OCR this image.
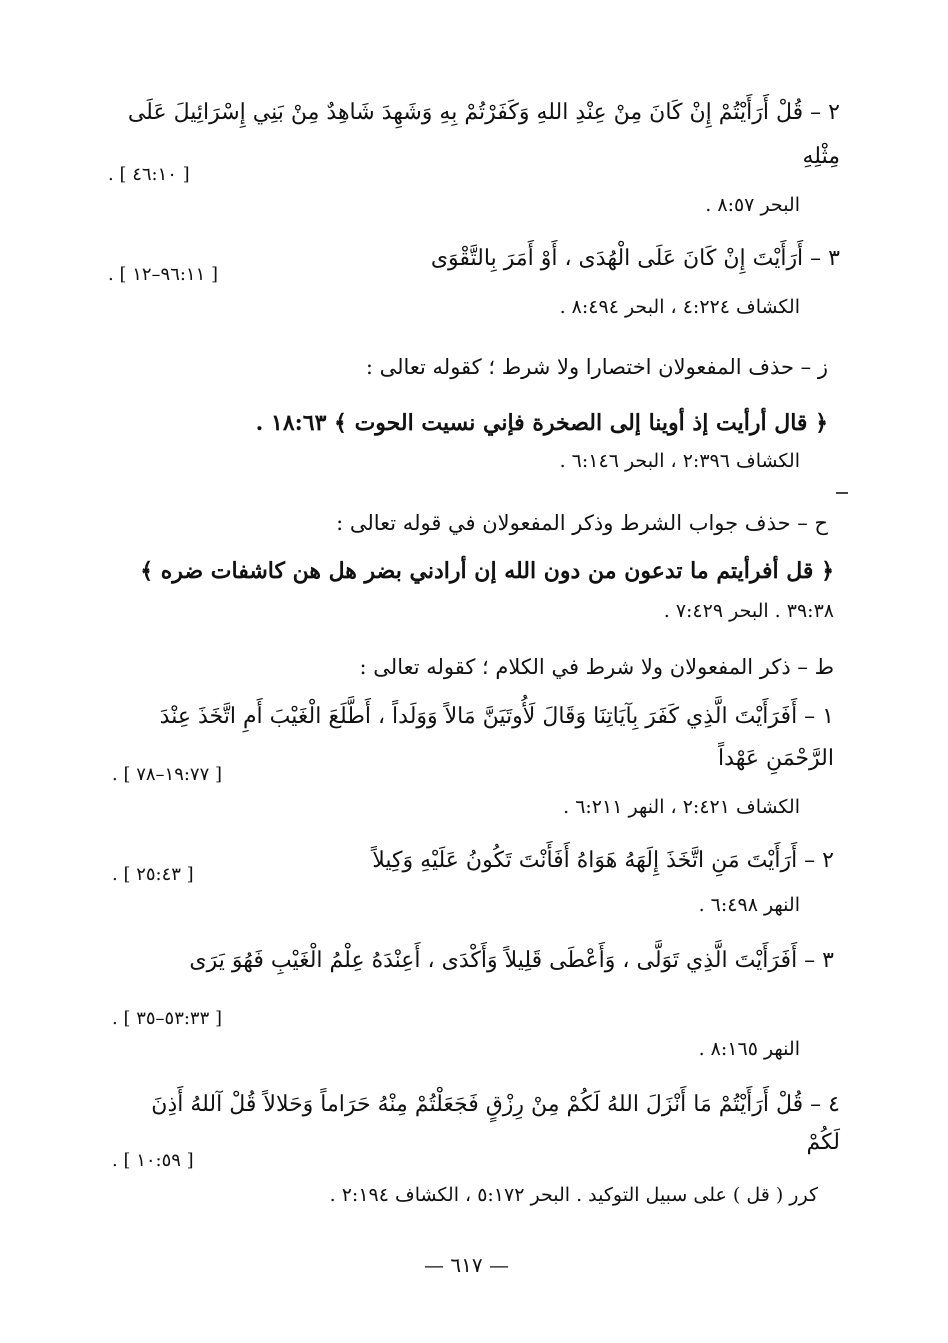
٢ – قُلْ أَرَأَيْتُمْ إِنْ كَانَ مِنْ عِنْدِ اللهِ وَكَفَرْتُمْ بِهِ وَشَهِدَ شَاهِدٌ مِنْ بَنِي إِسْرَائِيلَ عَلَى

مِثْلِهِ

[ ٤٦:١٠ ] .

البحر ٨:٥٧ .

٣ – أَرَأَيْتَ إِنْ كَانَ عَلَى الْهُدَى ، أَوْ أَمَرَ بِالتَّقْوَى

[ ٩٦:١١–١٢ ] .

الكشاف ٤:٢٢٤ ، البحر ٨:٤٩٤ .

ز – حذف المفعولان اختصارا ولا شرط ؛ كقوله تعالى :

﴿ قال أرأيت إذ أوينا إلى الصخرة فإني نسيت الحوت ﴾ ١٨:٦٣ .

الكشاف ٢:٣٩٦ ، البحر ٦:١٤٦ .

ح – حذف جواب الشرط وذكر المفعولان في قوله تعالى :

﴿ قل أفرأيتم ما تدعون من دون الله إن أرادني بضر هل هن كاشفات ضره ﴾

٣٩:٣٨ . البحر ٧:٤٢٩ .

ط – ذكر المفعولان ولا شرط في الكلام ؛ كقوله تعالى :

١ – أَفَرَأَيْتَ الَّذِي كَفَرَ بِآيَاتِنَا وَقَالَ لَأُوتَيَنَّ مَالاً وَوَلَداً ، أَطَّلَعَ الْغَيْبَ أَمِ اتَّخَذَ عِنْدَ

الرَّحْمَنِ عَهْداً

[ ١٩:٧٧–٧٨ ] .

الكشاف ٢:٤٢١ ، النهر ٦:٢١١ .

٢ – أَرَأَيْتَ مَنِ اتَّخَذَ إِلَهَهُ هَوَاهُ أَفَأَنْتَ تَكُونُ عَلَيْهِ وَكِيلاً

[ ٢٥:٤٣ ] .

النهر ٦:٤٩٨ .

٣ – أَفَرَأَيْتَ الَّذِي تَوَلَّى ، وَأَعْطَى قَلِيلاً وَأَكْدَى ، أَعِنْدَهُ عِلْمُ الْغَيْبِ فَهُوَ يَرَى

[ ٥٣:٣٣–٣٥ ] .

النهر ٨:١٦٥ .

٤ – قُلْ أَرَأَيْتُمْ مَا أَنْزَلَ اللهُ لَكُمْ مِنْ رِزْقٍ فَجَعَلْتُمْ مِنْهُ حَرَاماً وَحَلالاً قُلْ آللهُ أَذِنَ

لَكُمْ

[ ١٠:٥٩ ] .

كرر ( قل ) على سبيل التوكيد . البحر ٥:١٧٢ ، الكشاف ٢:١٩٤ .

— ٦١٧ —
